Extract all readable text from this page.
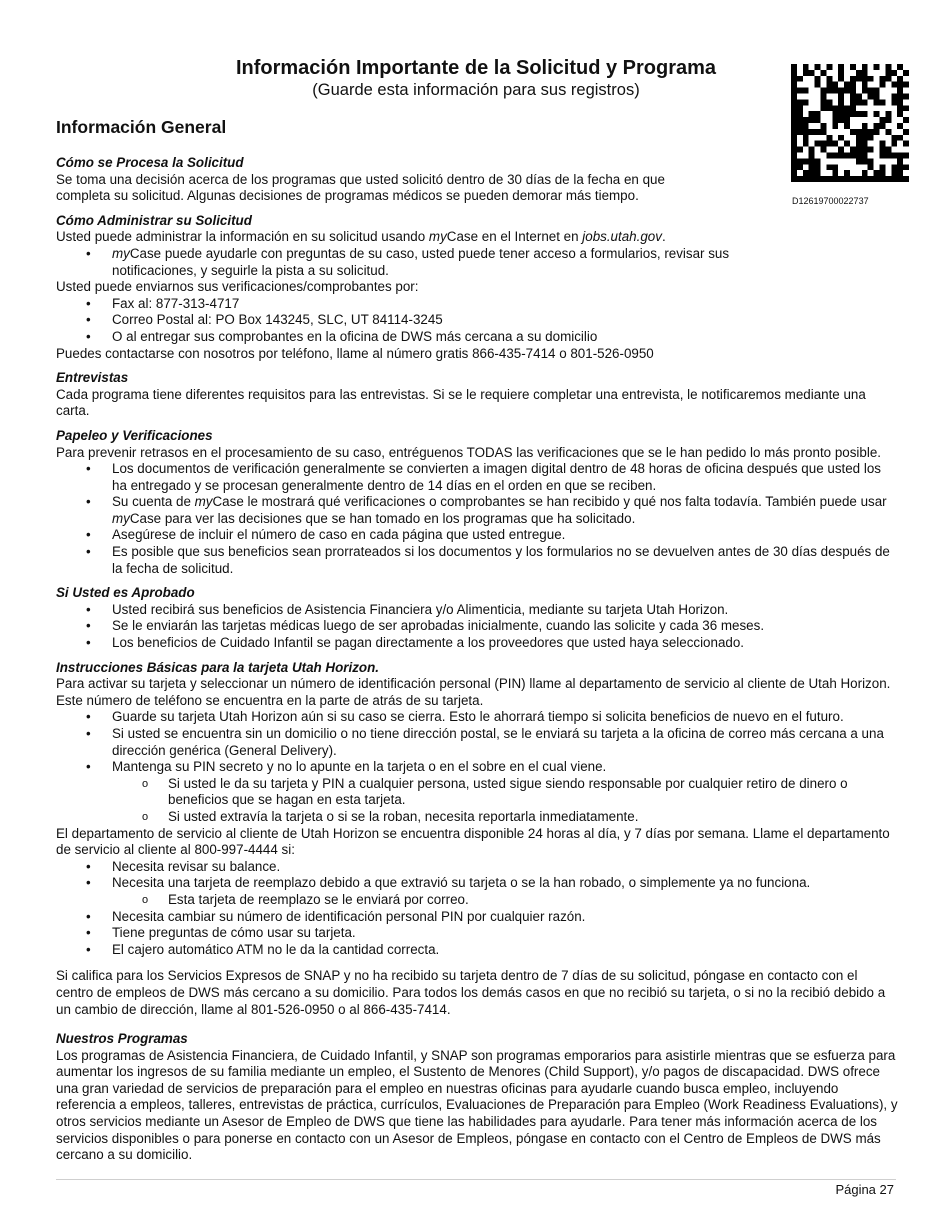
Información Importante de la Solicitud y Programa
(Guarde esta información para sus registros)
D12619700022737
Información General
Cómo se Procesa la Solicitud

Se toma una decisión acerca de los programas que usted solicitó dentro de 30 días de la fecha en que completa su solicitud. Algunas decisiones de programas médicos se pueden demorar más tiempo.

Cómo Administrar su Solicitud

Usted puede administrar la información en su solicitud usando myCase en el Internet en jobs.utah.gov.

• myCase puede ayudarle con preguntas de su caso, usted puede tener acceso a formularios, revisar sus notificaciones, y seguirle la pista a su solicitud.

Usted puede enviarnos sus verificaciones/comprobantes por:

• Fax al: 877-313-4717
• Correo Postal al: PO Box 143245, SLC, UT 84114-3245
• O al entregar sus comprobantes en la oficina de DWS más cercana a su domicilio

Puedes contactarse con nosotros por teléfono, llame al número gratis 866-435-7414 o 801-526-0950

Entrevistas

Cada programa tiene diferentes requisitos para las entrevistas. Si se le requiere completar una entrevista, le notificaremos mediante una carta.

Papeleo y Verificaciones

Para prevenir retrasos en el procesamiento de su caso, entréguenos TODAS las verificaciones que se le han pedido lo más pronto posible.

• Los documentos de verificación generalmente se convierten a imagen digital dentro de 48 horas de oficina después que usted los ha entregado y se procesan generalmente dentro de 14 días en el orden en que se reciben.
• Su cuenta de myCase le mostrará qué verificaciones o comprobantes se han recibido y qué nos falta todavía. También puede usar myCase para ver las decisiones que se han tomado en los programas que ha solicitado.
• Asegúrese de incluir el número de caso en cada página que usted entregue.
• Es posible que sus beneficios sean prorrateados si los documentos y los formularios no se devuelven antes de 30 días después de la fecha de solicitud.
Si Usted es Aprobado
• Usted recibirá sus beneficios de Asistencia Financiera y/o Alimenticia, mediante su tarjeta Utah Horizon.
• Se le enviarán las tarjetas médicas luego de ser aprobadas inicialmente, cuando las solicite y cada 36 meses.
• Los beneficios de Cuidado Infantil se pagan directamente a los proveedores que usted haya seleccionado.
Instrucciones Básicas para la tarjeta Utah Horizon.

Para activar su tarjeta y seleccionar un número de identificación personal (PIN) llame al departamento de servicio al cliente de Utah Horizon. Este número de teléfono se encuentra en la parte de atrás de su tarjeta.

• Guarde su tarjeta Utah Horizon aún si su caso se cierra. Esto le ahorrará tiempo si solicita beneficios de nuevo en el futuro.
• Si usted se encuentra sin un domicilio o no tiene dirección postal, se le enviará su tarjeta a la oficina de correo más cercana a una dirección genérica (General Delivery).
• Mantenga su PIN secreto y no lo apunte en la tarjeta o en el sobre en el cual viene.
o Si usted le da su tarjeta y PIN a cualquier persona, usted sigue siendo responsable por cualquier retiro de dinero o beneficios que se hagan en esta tarjeta.
o Si usted extravía la tarjeta o si se la roban, necesita reportarla inmediatamente.

El departamento de servicio al cliente de Utah Horizon se encuentra disponible 24 horas al día, y 7 días por semana. Llame el departamento de servicio al cliente al 800-997-4444 si:

• Necesita revisar su balance.
• Necesita una tarjeta de reemplazo debido a que extravió su tarjeta o se la han robado, o simplemente ya no funciona.
o Esta tarjeta de reemplazo se le enviará por correo.
• Necesita cambiar su número de identificación personal PIN por cualquier razón.
• Tiene preguntas de cómo usar su tarjeta.
• El cajero automático ATM no le da la cantidad correcta.

Si califica para los Servicios Expresos de SNAP y no ha recibido su tarjeta dentro de 7 días de su solicitud, póngase en contacto con el centro de empleos de DWS más cercano a su domicilio. Para todos los demás casos en que no recibió su tarjeta, o si no la recibió debido a un cambio de dirección, llame al 801-526-0950 o al 866-435-7414.

Nuestros Programas

Los programas de Asistencia Financiera, de Cuidado Infantil, y SNAP son programas emporarios para asistirle mientras que se esfuerza para aumentar los ingresos de su familia mediante un empleo, el Sustento de Menores (Child Support), y/o pagos de discapacidad. DWS ofrece una gran variedad de servicios de preparación para el empleo en nuestras oficinas para ayudarle cuando busca empleo, incluyendo referencia a empleos, talleres, entrevistas de práctica, currículos, Evaluaciones de Preparación para Empleo (Work Readiness Evaluations), y otros servicios mediante un Asesor de Empleo de DWS que tiene las habilidades para ayudarle. Para tener más información acerca de los servicios disponibles o para ponerse en contacto con un Asesor de Empleos, póngase en contacto con el Centro de Empleos de DWS más cercano a su domicilio.

Página 27
